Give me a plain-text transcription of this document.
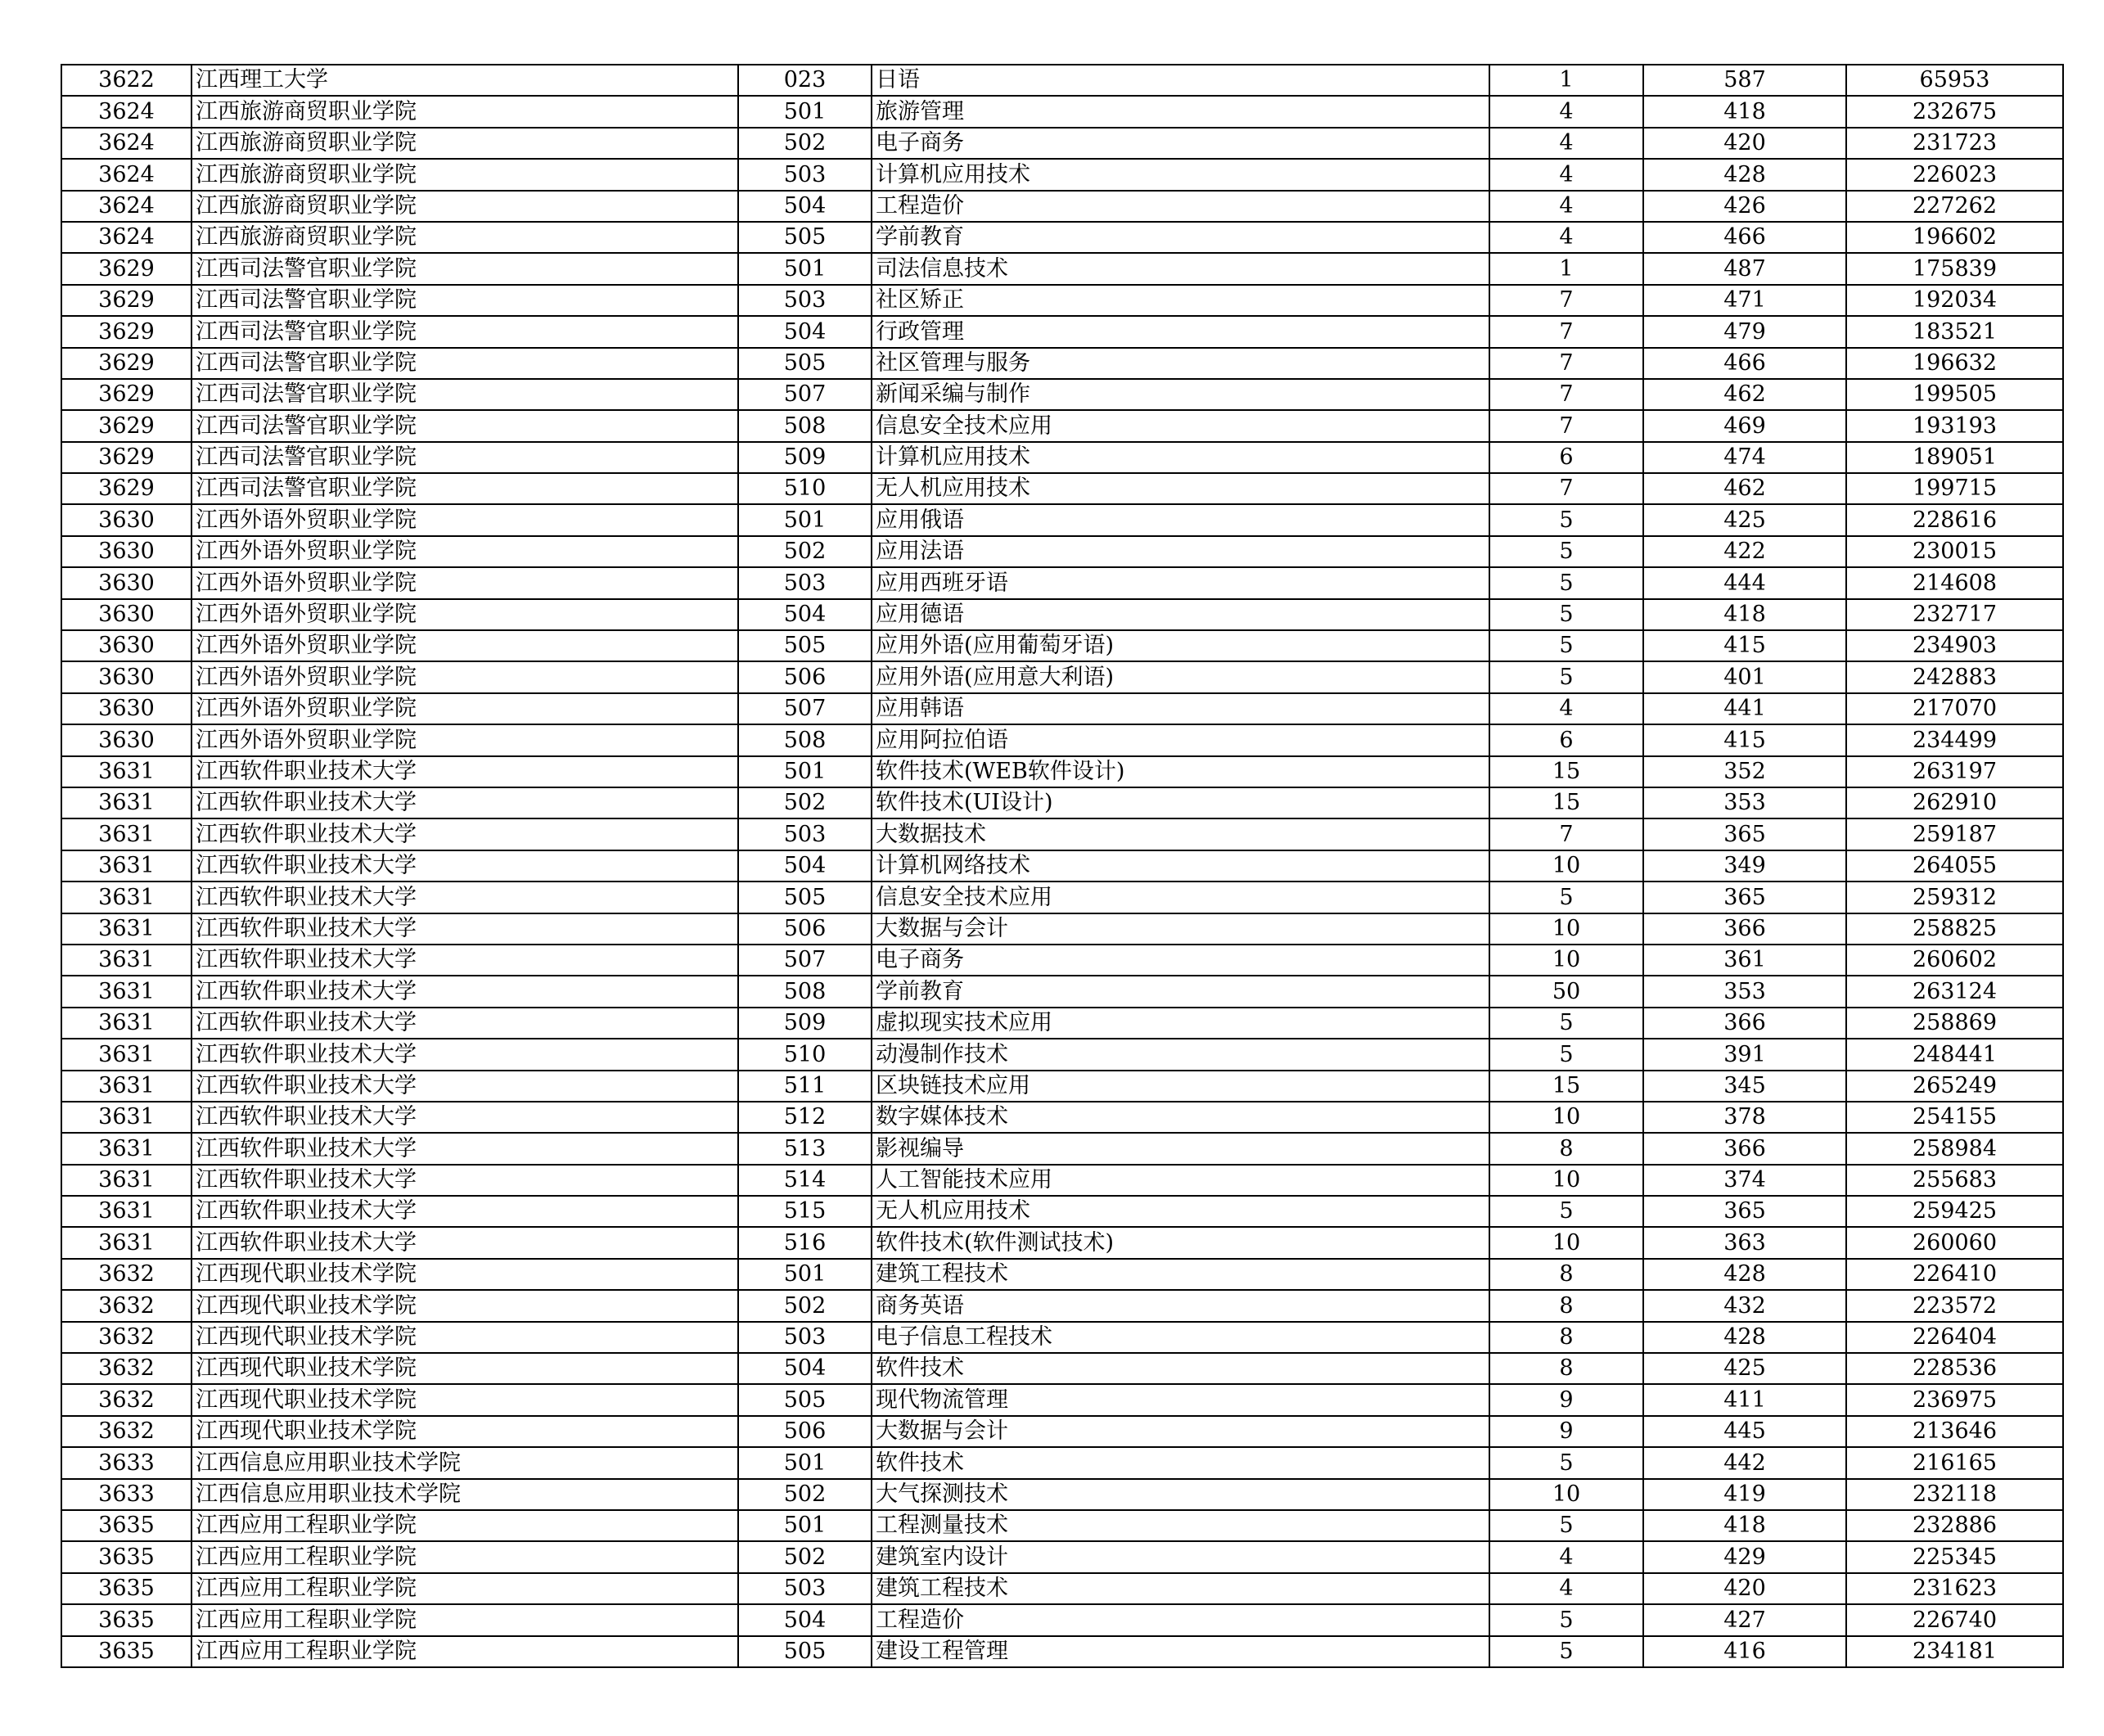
3622	江西理工大学	023	日语	1	587	65953
3624	江西旅游商贸职业学院	501	旅游管理	4	418	232675
3624	江西旅游商贸职业学院	502	电子商务	4	420	231723
3624	江西旅游商贸职业学院	503	计算机应用技术	4	428	226023
3624	江西旅游商贸职业学院	504	工程造价	4	426	227262
3624	江西旅游商贸职业学院	505	学前教育	4	466	196602
3629	江西司法警官职业学院	501	司法信息技术	1	487	175839
3629	江西司法警官职业学院	503	社区矫正	7	471	192034
3629	江西司法警官职业学院	504	行政管理	7	479	183521
3629	江西司法警官职业学院	505	社区管理与服务	7	466	196632
3629	江西司法警官职业学院	507	新闻采编与制作	7	462	199505
3629	江西司法警官职业学院	508	信息安全技术应用	7	469	193193
3629	江西司法警官职业学院	509	计算机应用技术	6	474	189051
3629	江西司法警官职业学院	510	无人机应用技术	7	462	199715
3630	江西外语外贸职业学院	501	应用俄语	5	425	228616
3630	江西外语外贸职业学院	502	应用法语	5	422	230015
3630	江西外语外贸职业学院	503	应用西班牙语	5	444	214608
3630	江西外语外贸职业学院	504	应用德语	5	418	232717
3630	江西外语外贸职业学院	505	应用外语(应用葡萄牙语)	5	415	234903
3630	江西外语外贸职业学院	506	应用外语(应用意大利语)	5	401	242883
3630	江西外语外贸职业学院	507	应用韩语	4	441	217070
3630	江西外语外贸职业学院	508	应用阿拉伯语	6	415	234499
3631	江西软件职业技术大学	501	软件技术(WEB软件设计)	15	352	263197
3631	江西软件职业技术大学	502	软件技术(UI设计)	15	353	262910
3631	江西软件职业技术大学	503	大数据技术	7	365	259187
3631	江西软件职业技术大学	504	计算机网络技术	10	349	264055
3631	江西软件职业技术大学	505	信息安全技术应用	5	365	259312
3631	江西软件职业技术大学	506	大数据与会计	10	366	258825
3631	江西软件职业技术大学	507	电子商务	10	361	260602
3631	江西软件职业技术大学	508	学前教育	50	353	263124
3631	江西软件职业技术大学	509	虚拟现实技术应用	5	366	258869
3631	江西软件职业技术大学	510	动漫制作技术	5	391	248441
3631	江西软件职业技术大学	511	区块链技术应用	15	345	265249
3631	江西软件职业技术大学	512	数字媒体技术	10	378	254155
3631	江西软件职业技术大学	513	影视编导	8	366	258984
3631	江西软件职业技术大学	514	人工智能技术应用	10	374	255683
3631	江西软件职业技术大学	515	无人机应用技术	5	365	259425
3631	江西软件职业技术大学	516	软件技术(软件测试技术)	10	363	260060
3632	江西现代职业技术学院	501	建筑工程技术	8	428	226410
3632	江西现代职业技术学院	502	商务英语	8	432	223572
3632	江西现代职业技术学院	503	电子信息工程技术	8	428	226404
3632	江西现代职业技术学院	504	软件技术	8	425	228536
3632	江西现代职业技术学院	505	现代物流管理	9	411	236975
3632	江西现代职业技术学院	506	大数据与会计	9	445	213646
3633	江西信息应用职业技术学院	501	软件技术	5	442	216165
3633	江西信息应用职业技术学院	502	大气探测技术	10	419	232118
3635	江西应用工程职业学院	501	工程测量技术	5	418	232886
3635	江西应用工程职业学院	502	建筑室内设计	4	429	225345
3635	江西应用工程职业学院	503	建筑工程技术	4	420	231623
3635	江西应用工程职业学院	504	工程造价	5	427	226740
3635	江西应用工程职业学院	505	建设工程管理	5	416	234181
